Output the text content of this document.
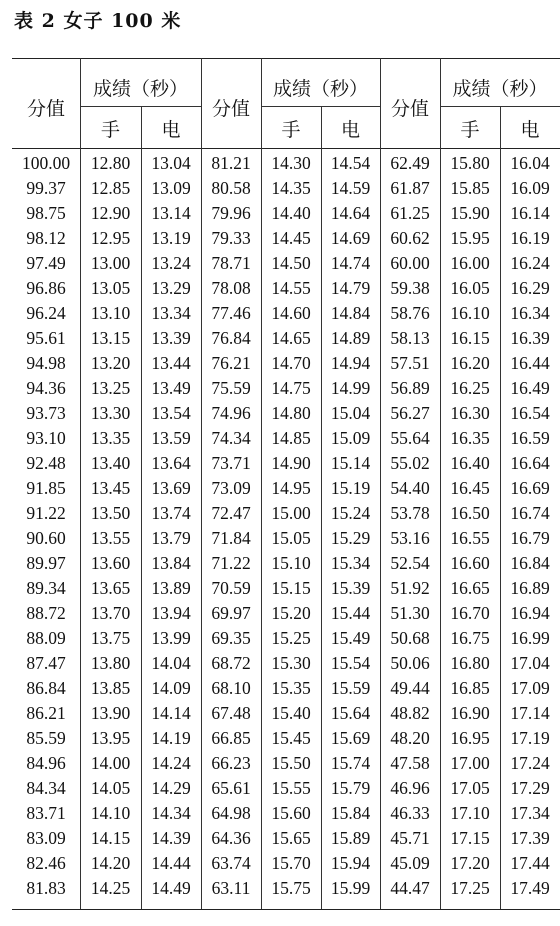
表 2 女子 100 米
分值
成绩（秒）
手	电
分值
成绩（秒）
手	电
分值
成绩（秒）
手	电
100.00	12.80	13.04	81.21	14.30	14.54	62.49	15.80	16.04
99.37	12.85	13.09	80.58	14.35	14.59	61.87	15.85	16.09
98.75	12.90	13.14	79.96	14.40	14.64	61.25	15.90	16.14
98.12	12.95	13.19	79.33	14.45	14.69	60.62	15.95	16.19
97.49	13.00	13.24	78.71	14.50	14.74	60.00	16.00	16.24
96.86	13.05	13.29	78.08	14.55	14.79	59.38	16.05	16.29
96.24	13.10	13.34	77.46	14.60	14.84	58.76	16.10	16.34
95.61	13.15	13.39	76.84	14.65	14.89	58.13	16.15	16.39
94.98	13.20	13.44	76.21	14.70	14.94	57.51	16.20	16.44
94.36	13.25	13.49	75.59	14.75	14.99	56.89	16.25	16.49
93.73	13.30	13.54	74.96	14.80	15.04	56.27	16.30	16.54
93.10	13.35	13.59	74.34	14.85	15.09	55.64	16.35	16.59
92.48	13.40	13.64	73.71	14.90	15.14	55.02	16.40	16.64
91.85	13.45	13.69	73.09	14.95	15.19	54.40	16.45	16.69
91.22	13.50	13.74	72.47	15.00	15.24	53.78	16.50	16.74
90.60	13.55	13.79	71.84	15.05	15.29	53.16	16.55	16.79
89.97	13.60	13.84	71.22	15.10	15.34	52.54	16.60	16.84
89.34	13.65	13.89	70.59	15.15	15.39	51.92	16.65	16.89
88.72	13.70	13.94	69.97	15.20	15.44	51.30	16.70	16.94
88.09	13.75	13.99	69.35	15.25	15.49	50.68	16.75	16.99
87.47	13.80	14.04	68.72	15.30	15.54	50.06	16.80	17.04
86.84	13.85	14.09	68.10	15.35	15.59	49.44	16.85	17.09
86.21	13.90	14.14	67.48	15.40	15.64	48.82	16.90	17.14
85.59	13.95	14.19	66.85	15.45	15.69	48.20	16.95	17.19
84.96	14.00	14.24	66.23	15.50	15.74	47.58	17.00	17.24
84.34	14.05	14.29	65.61	15.55	15.79	46.96	17.05	17.29
83.71	14.10	14.34	64.98	15.60	15.84	46.33	17.10	17.34
83.09	14.15	14.39	64.36	15.65	15.89	45.71	17.15	17.39
82.46	14.20	14.44	63.74	15.70	15.94	45.09	17.20	17.44
81.83	14.25	14.49	63.11	15.75	15.99	44.47	17.25	17.49
